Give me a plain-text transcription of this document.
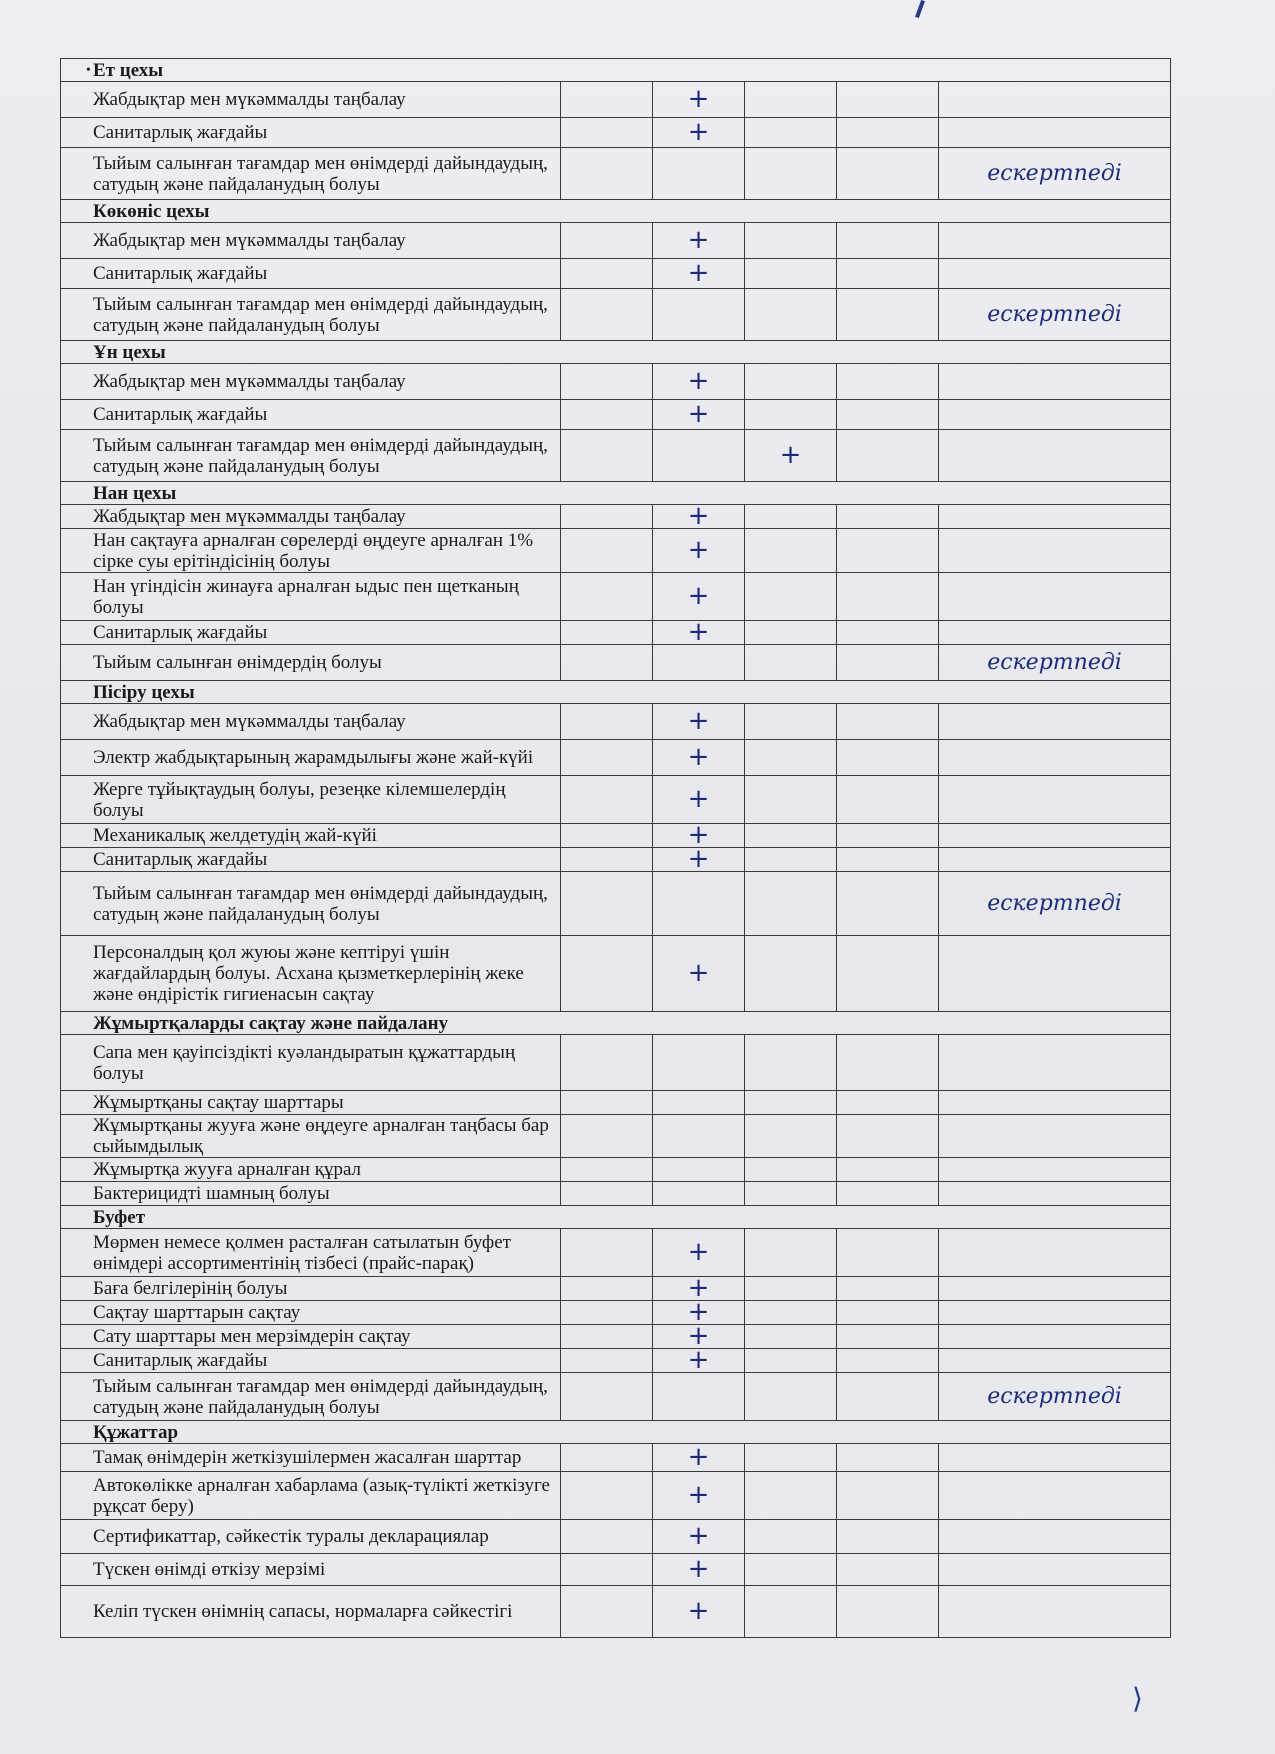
• Ет цехы					
Жабдықтар мен мүкәммалды таңбалау		+			
Санитарлық жағдайы		+			
Тыйым салынған тағамдар мен өнімдерді дайындаудың, сатудың және пайдаланудың болуы					ескертпеді
Көкөніс цехы					
Жабдықтар мен мүкәммалды таңбалау		+			
Санитарлық жағдайы		+			
Тыйым салынған тағамдар мен өнімдерді дайындаудың, сатудың және пайдаланудың болуы					ескертпеді
Ұн цехы					
Жабдықтар мен мүкәммалды таңбалау		+			
Санитарлық жағдайы		+			
Тыйым салынған тағамдар мен өнімдерді дайындаудың, сатудың және пайдаланудың болуы			+		
Нан цехы					
Жабдықтар мен мүкәммалды таңбалау		+			
Нан сақтауға арналған сөрелерді өңдеуге арналған 1% сірке суы ерітіндісінің болуы		+			
Нан үгіндісін жинауға арналған ыдыс пен щетканың болуы		+			
Санитарлық жағдайы		+			
Тыйым салынған өнімдердің болуы					ескертпеді
Пісіру цехы					
Жабдықтар мен мүкәммалды таңбалау		+			
Электр жабдықтарының жарамдылығы және жай-күйі		+			
Жерге тұйықтаудың болуы, резеңке кілемшелердің болуы		+			
Механикалық желдетудің жай-күйі		+			
Санитарлық жағдайы		+			
Тыйым салынған тағамдар мен өнімдерді дайындаудың, сатудың және пайдаланудың болуы					ескертпеді
Персоналдың қол жуюы және кептіруі үшін жағдайлардың болуы. Асхана қызметкерлерінің жеке және өндірістік гигиенасын сақтау		+			
Жұмыртқаларды сақтау және пайдалану					
Сапа мен қауіпсіздікті куәландыратын құжаттардың болуы					
Жұмыртқаны сақтау шарттары					
Жұмыртқаны жууға және өңдеуге арналған таңбасы бар сыйымдылық					
Жұмыртқа жууға арналған құрал					
Бактерицидті шамның болуы					
Буфет					
Мөрмен немесе қолмен расталған сатылатын буфет өнімдері ассортиментінің тізбесі (прайс-парақ)		+			
Баға белгілерінің болуы		+			
Сақтау шарттарын сақтау		+			
Сату шарттары мен мерзімдерін сақтау		+			
Санитарлық жағдайы		+			
Тыйым салынған тағамдар мен өнімдерді дайындаудың, сатудың және пайдаланудың болуы					ескертпеді
Құжаттар					
Тамақ өнімдерін жеткізушілермен жасалған шарттар		+			
Автокөлікке арналған хабарлама (азық-түлікті жеткізуге рұқсат беру)		+			
Сертификаттар, сәйкестік туралы декларациялар		+			
Түскен өнімді өткізу мерзімі		+			
Келіп түскен өнімнің сапасы, нормаларға сәйкестігі		+			
⟩
